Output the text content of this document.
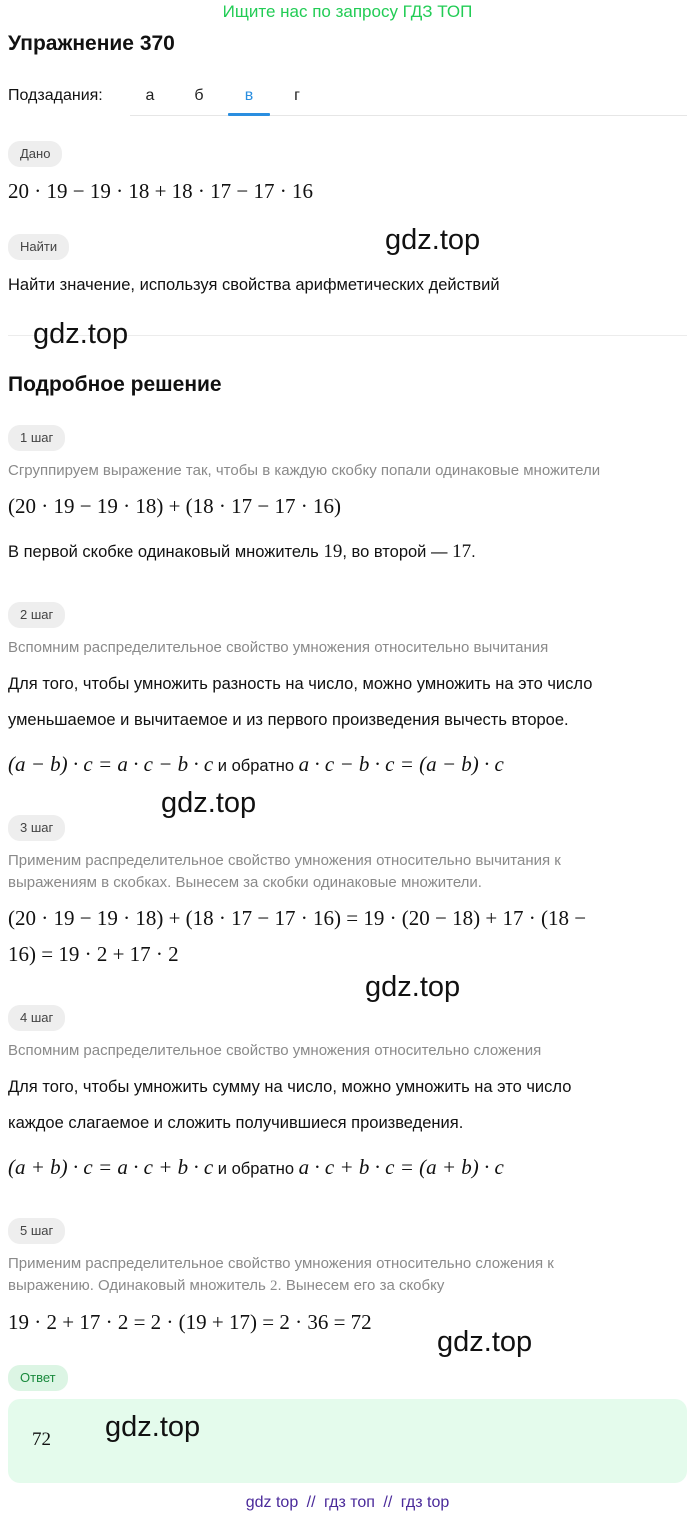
Ищите нас по запросу ГДЗ ТОП
Упражнение 370
Подзадания:	а	б	в	г
Дано
20 · 19 − 19 · 18 + 18 · 17 − 17 · 16
Найти
Найти значение, используя свойства арифметических действий
Подробное решение
1 шаг
Сгруппируем выражение так, чтобы в каждую скобку попали одинаковые множители
(20 · 19 − 19 · 18) + (18 · 17 − 17 · 16)
В первой скобке одинаковый множитель 19, во второй — 17.
2 шаг
Вспомним распределительное свойство умножения относительно вычитания
Для того, чтобы умножить разность на число, можно умножить на это число
уменьшаемое и вычитаемое и из первого произведения вычесть второе.
(a − b) · c = a · c − b · c и обратно a · c − b · c = (a − b) · c
3 шаг
Применим распределительное свойство умножения относительно вычитания к
выражениям в скобках. Вынесем за скобки одинаковые множители.
(20 · 19 − 19 · 18) + (18 · 17 − 17 · 16) = 19 · (20 − 18) + 17 · (18 −
16) = 19 · 2 + 17 · 2
4 шаг
Вспомним распределительное свойство умножения относительно сложения
Для того, чтобы умножить сумму на число, можно умножить на это число
каждое слагаемое и сложить получившиеся произведения.
(a + b) · c = a · c + b · c и обратно a · c + b · c = (a + b) · c
5 шаг
Применим распределительное свойство умножения относительно сложения к
выражению. Одинаковый множитель 2. Вынесем его за скобку
19 · 2 + 17 · 2 = 2 · (19 + 17) = 2 · 36 = 72
Ответ
72
gdz.top
gdz.top
gdz.top
gdz.top
gdz.top
gdz.top
gdz top // гдз топ // гдз top
